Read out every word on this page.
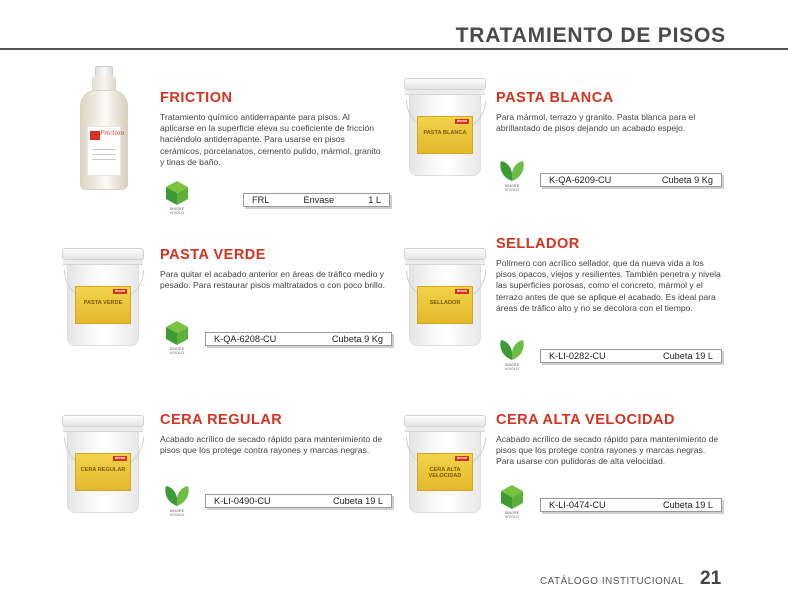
TRATAMIENTO DE PISOS
Friction
FRICTION
Tratamiento químico antiderrapante para pisos. Al aplicarse en la superficie eleva su coeficiente de fricción haciéndolo antiderrapante. Para usarse en pisos cerámicos, porcelanatos, cemento pulido, mármol, granito y tinas de baño.
SINGRE VIVOLO
FRL	Envase	1 L
dexon
PASTA BLANCA
PASTA BLANCA
Para mármol, terrazo y granito. Pasta blanca para el abrillantado de pisos dejando un acabado espejo.
SINGRE VIVOLO
K-QA-6209-CU	Cubeta 9 Kg
dexon
PASTA VERDE
PASTA VERDE
Para quitar el acabado anterior en áreas de tráfico medio y pesado. Para restaurar pisos maltratados o con poco brillo.
SINGRE VIVOLO
K-QA-6208-CU	Cubeta 9 Kg
dexon
SELLADOR
SELLADOR
Polímero con acrílico sellador, que da nueva vida a los pisos opacos, viejos y resilientes. También penetra y nivela las superficies porosas, como el concreto, mármol y el terrazo antes de que se aplique el acabado. Es ideal para áreas de tráfico alto y no se decolora con el tiempo.
SINGRE VIVOLO
K-LI-0282-CU	Cubeta 19 L
dexon
CERA REGULAR
CERA REGULAR
Acabado acrílico de secado rápido para mantenimiento de pisos que los protege contra rayones y marcas negras.
SINGRE VIVOLO
K-LI-0490-CU	Cubeta 19 L
dexon
CERA ALTA VELOCIDAD
CERA ALTA VELOCIDAD
Acabado acrílico de secado rápido para mantenimiento de pisos que los protege contra rayones y marcas negras. Para usarse con pulidoras de alta velocidad.
SINGRE VIVOLO
K-LI-0474-CU	Cubeta 19 L
CATÁLOGO INSTITUCIONAL 21
